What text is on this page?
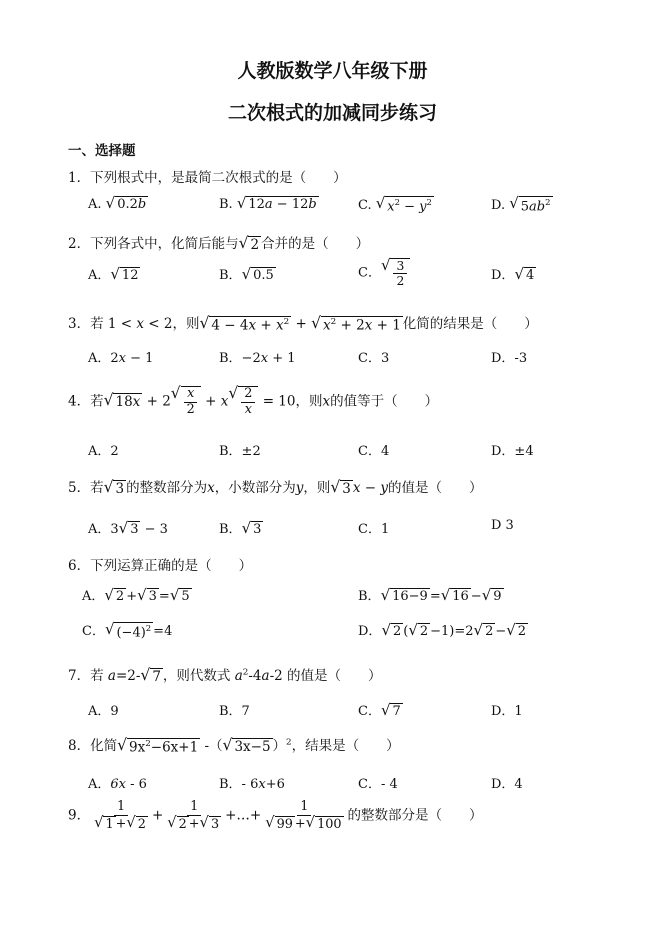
人教版数学八年级下册
二次根式的加减同步练习
一、选择题
1．下列根式中，是最简二次根式的是（　　）
A. √ 0.2b	B. √ 12a − 12b	C. √ $x^2 - y^2$	D. √ $5ab^2$
2．下列各式中，化简后能与 √ 2 合并的是（　　）
A． √ 12	B． √ 0.5	C． √ $\frac{3}{2}$	D． √ 4
3．若 1 < x < 2，则 √ $4 - 4x + x^2$ + √ $x^2 + 2x + 1$ 化简的结果是（　　）
A．2x − 1	B．−2x + 1	C．3	D．-3
4．若 √ 18x + 2 √ $\frac{x}{2} + x$ √ $\frac{2}{x} = 10$，则x的值等于（　　）
A．2	B．±2	C．4	D．±4
5．若 √ 3 的整数部分为x，小数部分为y，则 √ 3 x − y的值是（　　）
A．3 √ 3 − 3	B． √ 3	C．1	D 3
6．下列运算正确的是（　　）
A． √ 2 + √ 3 = √ 5	B． √ 16−9 = √ 16 − √ 9
C． √ $(-4)^2 =4$	D． √ 2 ( √ 2 −1)=2 √ 2 − √ 2
7．若 a=2- √ 7 ，则代数式 $a^2-4a-2$ 的值是（　　）
A．9	B．7	C． √ 7	D．1
8．化简 √ $9x^2-6x+1$ -（ √ 3x−5 ）$^2$，结果是（　　）
A．6x - 6	B．- 6x+6	C．- 4	D．4
9． $\frac{1}{√ 1 + √ 2} + \frac{1}{√ 2 + √ 3}$ +…+ $\frac{1}{√ 99 + √ 100}$ 的整数部分是（　　）
